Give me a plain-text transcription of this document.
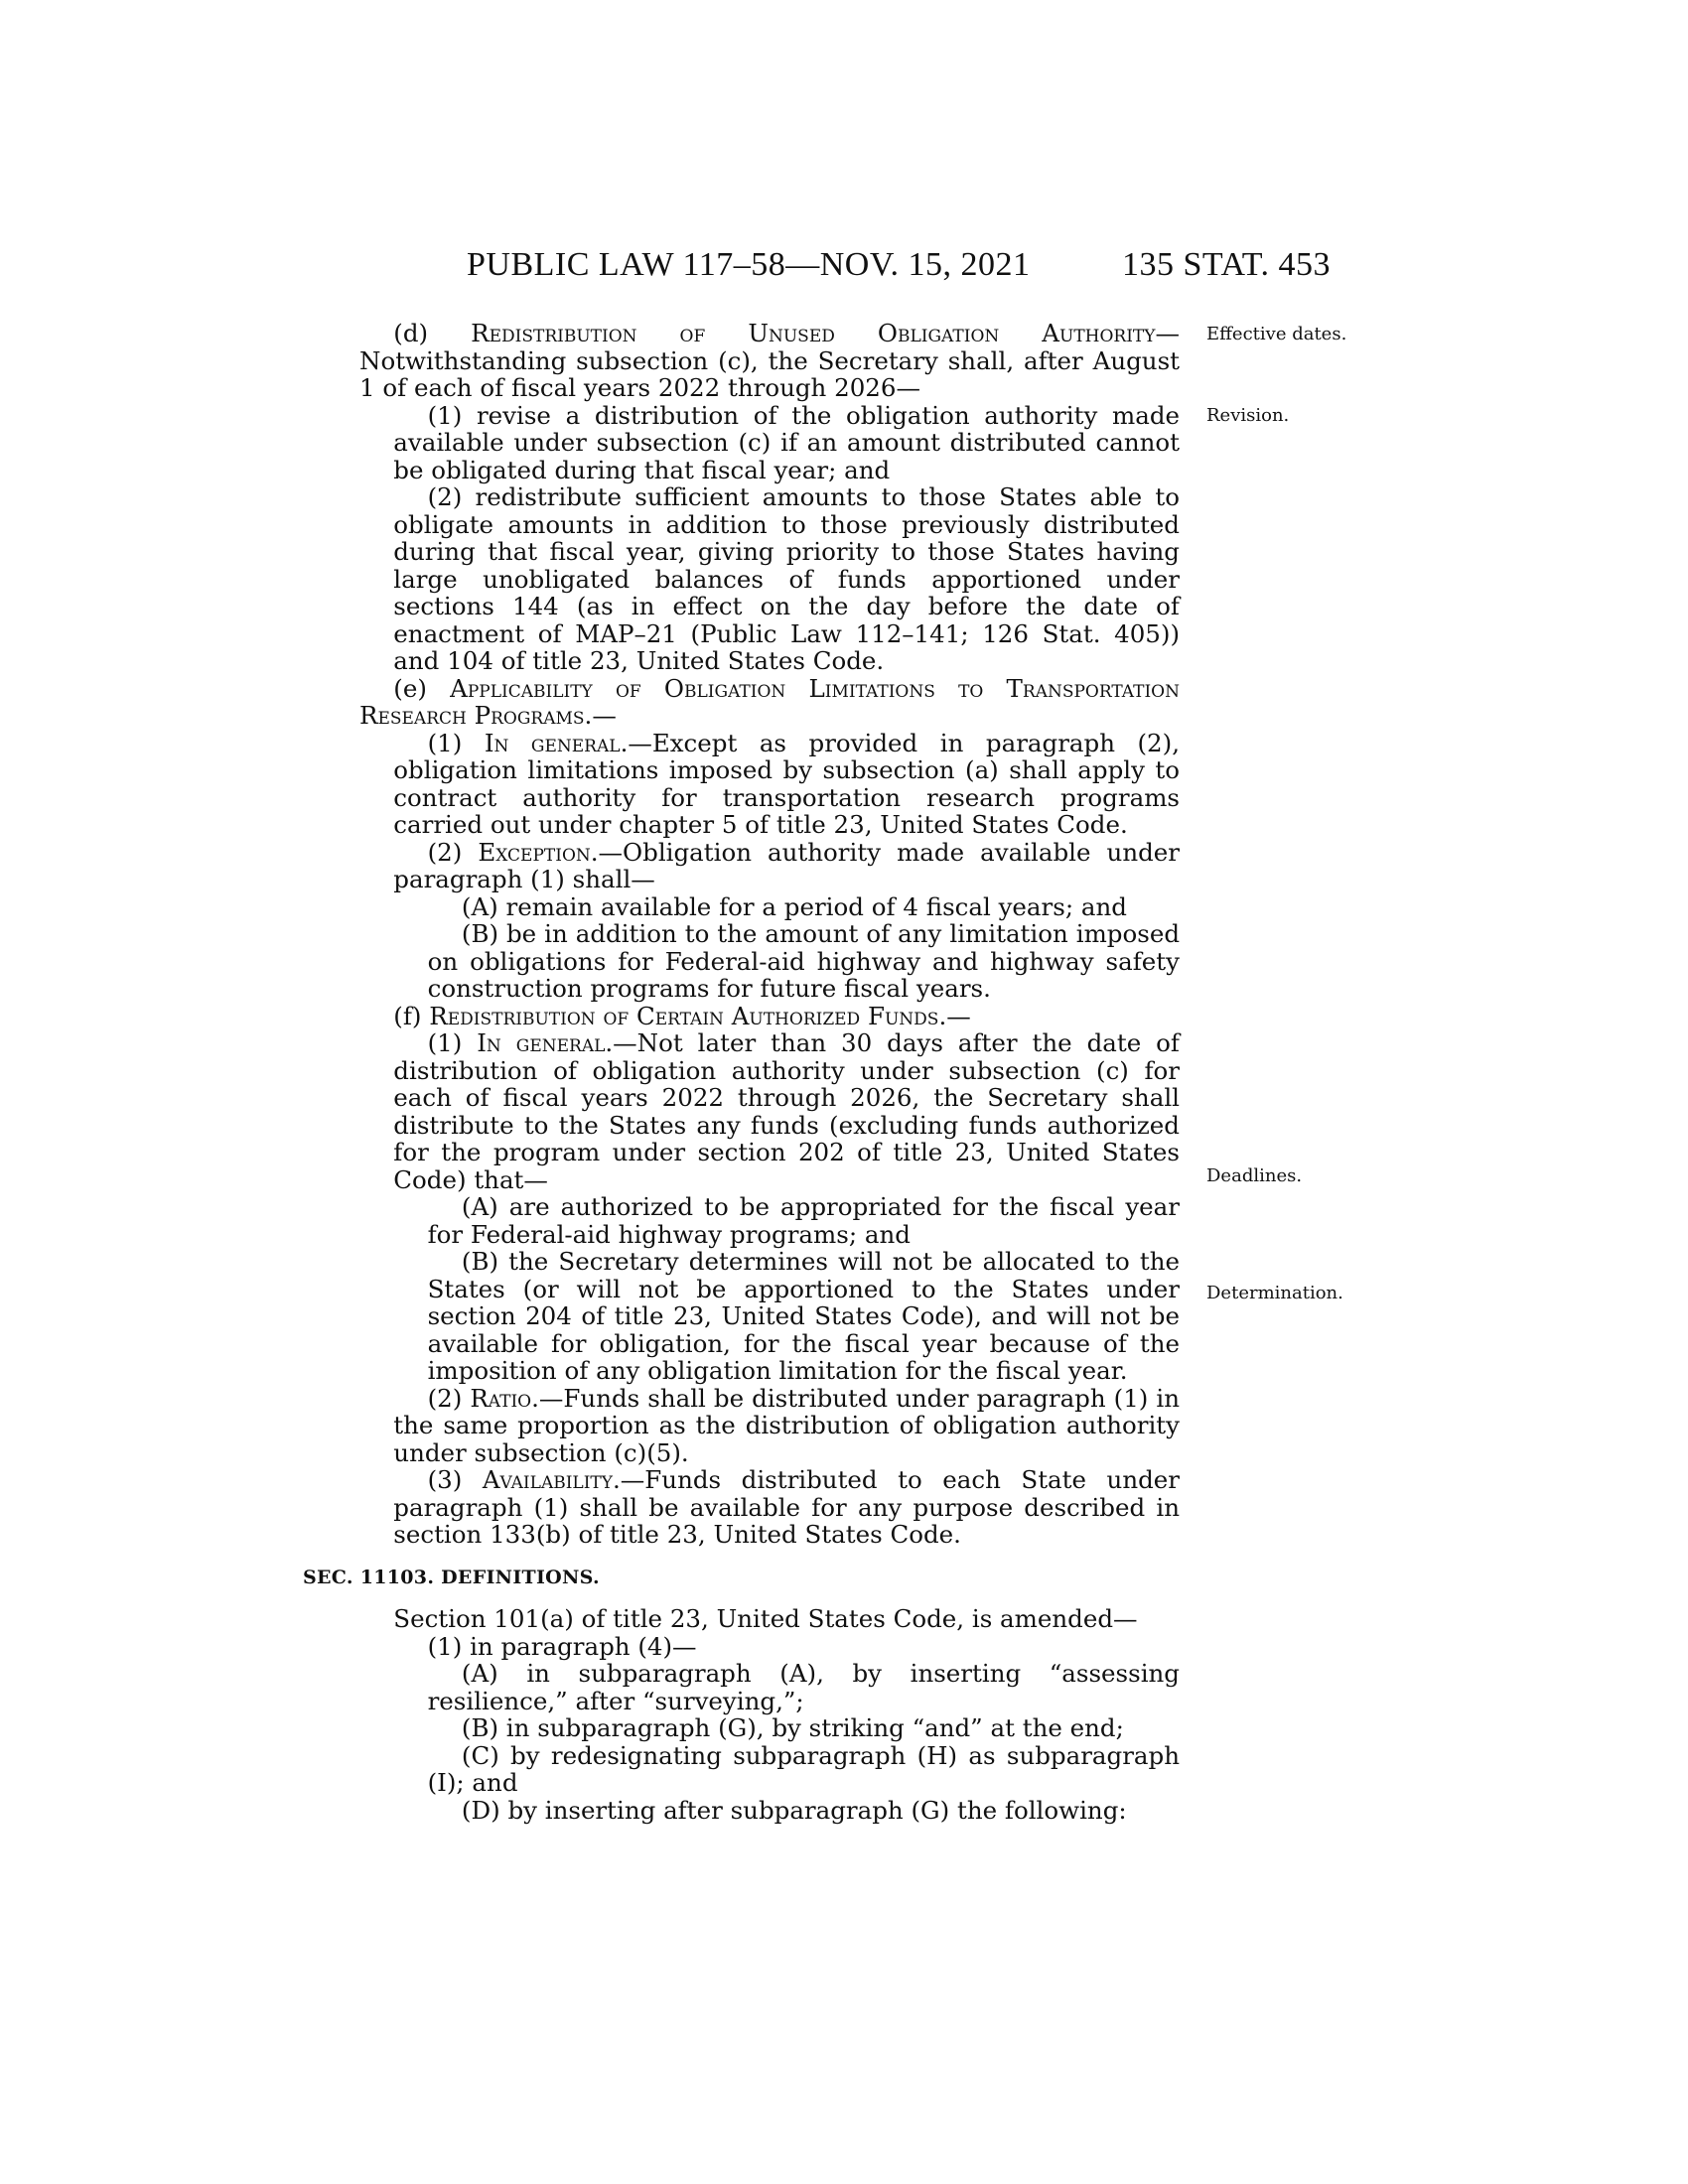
PUBLIC LAW 117–58—NOV. 15, 2021	135 STAT. 453
Effective dates.
Revision.
Deadlines.
Determination.

(d) Redistribution of Unused Obligation Authority—Notwithstanding subsection (c), the Secretary shall, after August 1 of each of fiscal years 2022 through 2026—

(1) revise a distribution of the obligation authority made available under subsection (c) if an amount distributed cannot be obligated during that fiscal year; and

(2) redistribute sufficient amounts to those States able to obligate amounts in addition to those previously distributed during that fiscal year, giving priority to those States having large unobligated balances of funds apportioned under sections 144 (as in effect on the day before the date of enactment of MAP–21 (Public Law 112–141; 126 Stat. 405)) and 104 of title 23, United States Code.

(e) Applicability of Obligation Limitations to Transportation Research Programs.—

(1) In general.—Except as provided in paragraph (2), obligation limitations imposed by subsection (a) shall apply to contract authority for transportation research programs carried out under chapter 5 of title 23, United States Code.

(2) Exception.—Obligation authority made available under paragraph (1) shall—

(A) remain available for a period of 4 fiscal years; and

(B) be in addition to the amount of any limitation imposed on obligations for Federal-aid highway and highway safety construction programs for future fiscal years.

(f) Redistribution of Certain Authorized Funds.—

(1) In general.—Not later than 30 days after the date of distribution of obligation authority under subsection (c) for each of fiscal years 2022 through 2026, the Secretary shall distribute to the States any funds (excluding funds authorized for the program under section 202 of title 23, United States Code) that—

(A) are authorized to be appropriated for the fiscal year for Federal-aid highway programs; and

(B) the Secretary determines will not be allocated to the States (or will not be apportioned to the States under section 204 of title 23, United States Code), and will not be available for obligation, for the fiscal year because of the imposition of any obligation limitation for the fiscal year.

(2) Ratio.—Funds shall be distributed under paragraph (1) in the same proportion as the distribution of obligation authority under subsection (c)(5).

(3) Availability.—Funds distributed to each State under paragraph (1) shall be available for any purpose described in section 133(b) of title 23, United States Code.

SEC. 11103. DEFINITIONS.

Section 101(a) of title 23, United States Code, is amended—

(1) in paragraph (4)—

(A) in subparagraph (A), by inserting “assessing resilience,” after “surveying,”;

(B) in subparagraph (G), by striking “and” at the end;

(C) by redesignating subparagraph (H) as subparagraph (I); and

(D) by inserting after subparagraph (G) the following:
